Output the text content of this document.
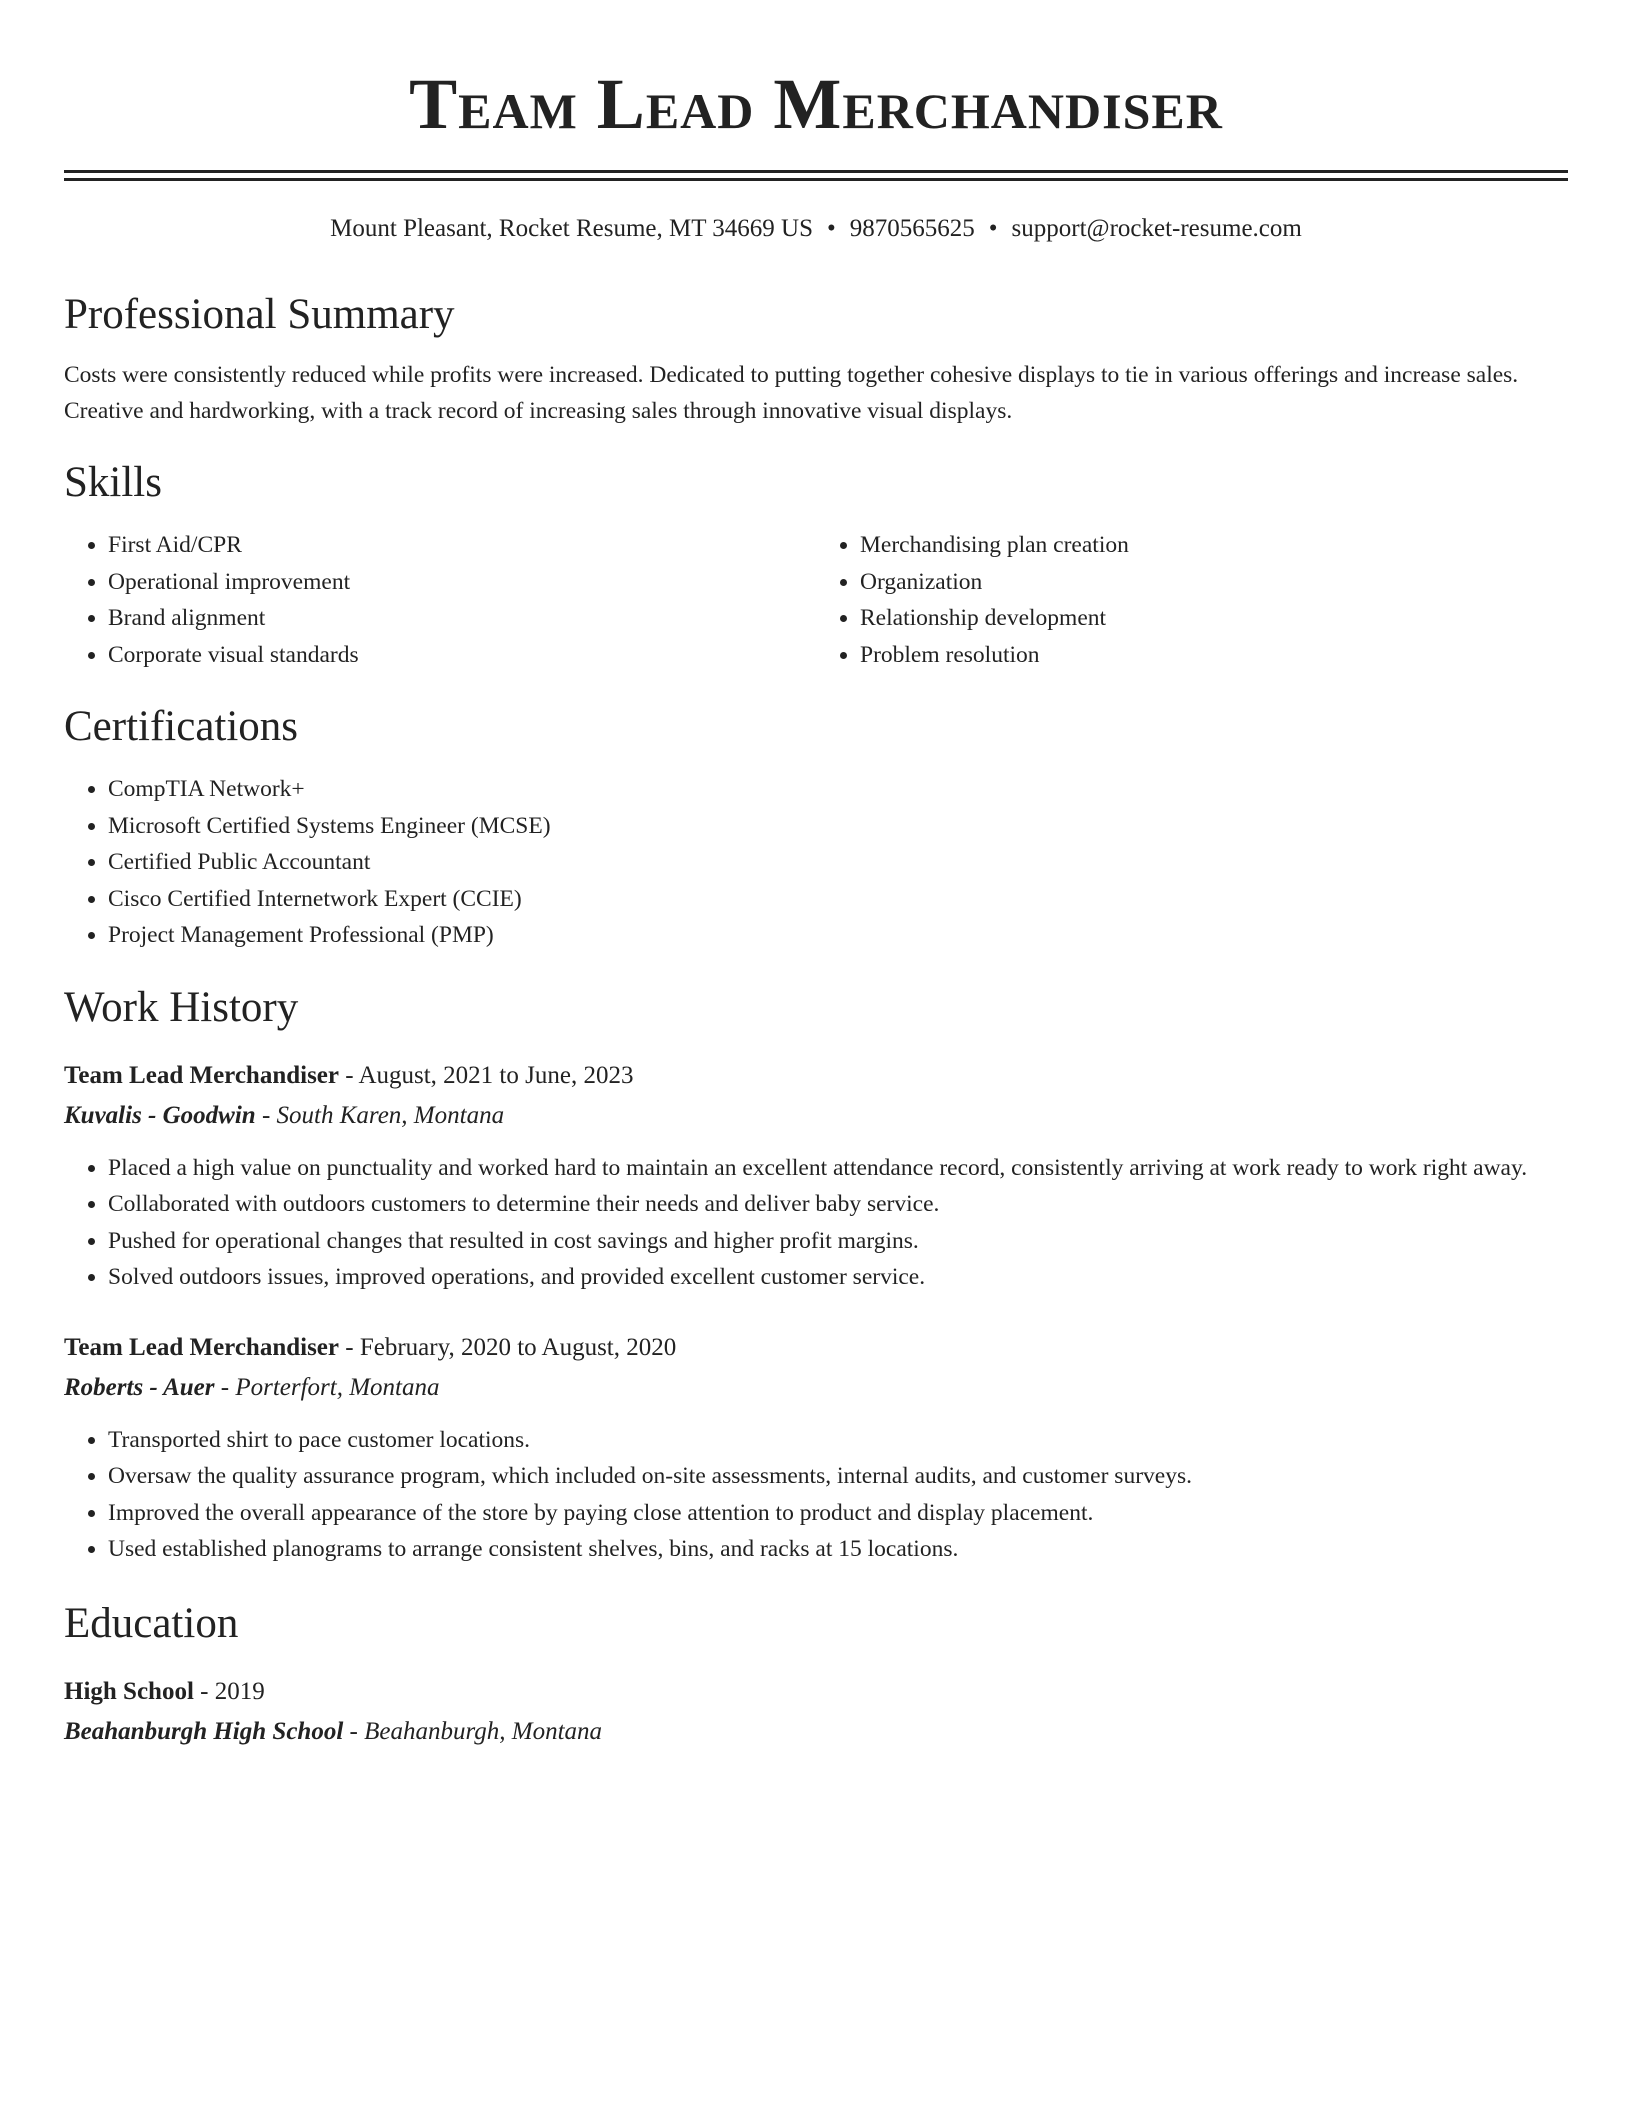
Team Lead Merchandiser
Mount Pleasant, Rocket Resume, MT 34669 US • 9870565625 • support@rocket-resume.com
Professional Summary

Costs were consistently reduced while profits were increased. Dedicated to putting together cohesive displays to tie in various offerings and increase sales. Creative and hardworking, with a track record of increasing sales through innovative visual displays.

Skills
• First Aid/CPR
• Operational improvement
• Brand alignment
• Corporate visual standards
• Merchandising plan creation
• Organization
• Relationship development
• Problem resolution
Certifications
• CompTIA Network+
• Microsoft Certified Systems Engineer (MCSE)
• Certified Public Accountant
• Cisco Certified Internetwork Expert (CCIE)
• Project Management Professional (PMP)
Work History
Team Lead Merchandiser - August, 2021 to June, 2023
Kuvalis - Goodwin - South Karen, Montana
• Placed a high value on punctuality and worked hard to maintain an excellent attendance record, consistently arriving at work ready to work right away.
• Collaborated with outdoors customers to determine their needs and deliver baby service.
• Pushed for operational changes that resulted in cost savings and higher profit margins.
• Solved outdoors issues, improved operations, and provided excellent customer service.
Team Lead Merchandiser - February, 2020 to August, 2020
Roberts - Auer - Porterfort, Montana
• Transported shirt to pace customer locations.
• Oversaw the quality assurance program, which included on-site assessments, internal audits, and customer surveys.
• Improved the overall appearance of the store by paying close attention to product and display placement.
• Used established planograms to arrange consistent shelves, bins, and racks at 15 locations.
Education
High School - 2019
Beahanburgh High School - Beahanburgh, Montana
